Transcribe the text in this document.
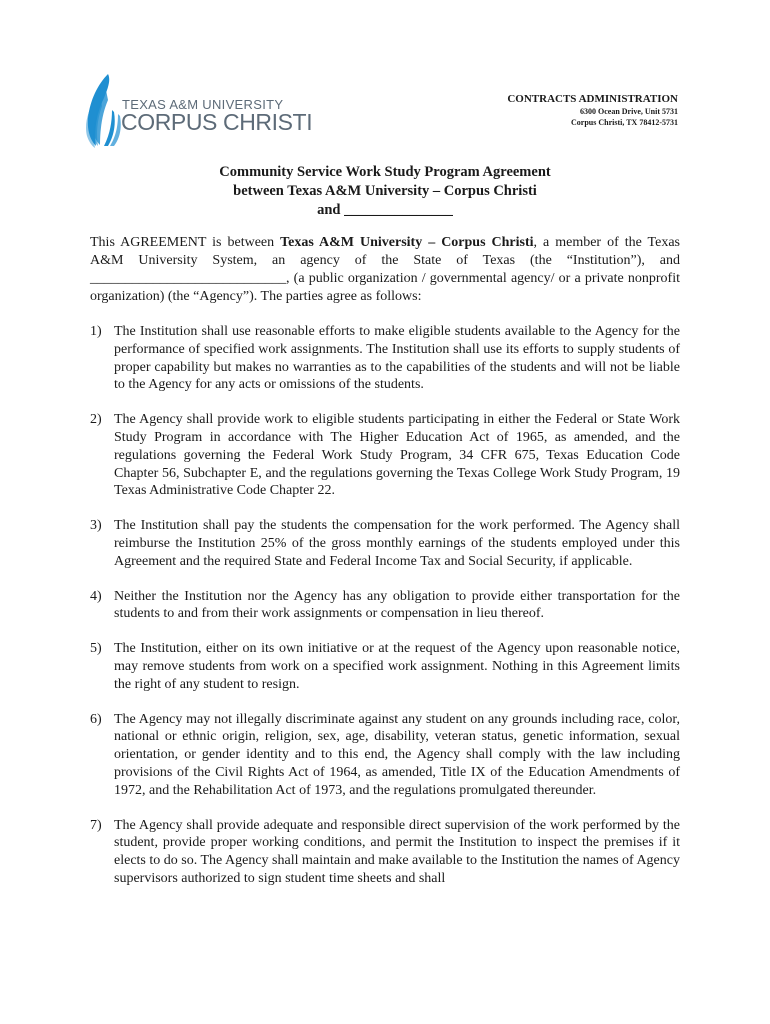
TEXAS A&M UNIVERSITY
CORPUS CHRISTI
CONTRACTS ADMINISTRATION
6300 Ocean Drive, Unit 5731
Corpus Christi, TX 78412-5731
Community Service Work Study Program Agreement
between Texas A&M University – Corpus Christi
and _______________

This AGREEMENT is between Texas A&M University – Corpus Christi, a member of the Texas A&M University System, an agency of the State of Texas (the “Institution”), and ____________________________, (a public organization / governmental agency/ or a private nonprofit organization) (the “Agency”). The parties agree as follows:

1) The Institution shall use reasonable efforts to make eligible students available to the Agency for the performance of specified work assignments. The Institution shall use its efforts to supply students of proper capability but makes no warranties as to the capabilities of the students and will not be liable to the Agency for any acts or omissions of the students.
2) The Agency shall provide work to eligible students participating in either the Federal or State Work Study Program in accordance with The Higher Education Act of 1965, as amended, and the regulations governing the Federal Work Study Program, 34 CFR 675, Texas Education Code Chapter 56, Subchapter E, and the regulations governing the Texas College Work Study Program, 19 Texas Administrative Code Chapter 22.
3) The Institution shall pay the students the compensation for the work performed. The Agency shall reimburse the Institution 25% of the gross monthly earnings of the students employed under this Agreement and the required State and Federal Income Tax and Social Security, if applicable.
4) Neither the Institution nor the Agency has any obligation to provide either transportation for the students to and from their work assignments or compensation in lieu thereof.
5) The Institution, either on its own initiative or at the request of the Agency upon reasonable notice, may remove students from work on a specified work assignment. Nothing in this Agreement limits the right of any student to resign.
6) The Agency may not illegally discriminate against any student on any grounds including race, color, national or ethnic origin, religion, sex, age, disability, veteran status, genetic information, sexual orientation, or gender identity and to this end, the Agency shall comply with the law including provisions of the Civil Rights Act of 1964, as amended, Title IX of the Education Amendments of 1972, and the Rehabilitation Act of 1973, and the regulations promulgated thereunder.
7) The Agency shall provide adequate and responsible direct supervision of the work performed by the student, provide proper working conditions, and permit the Institution to inspect the premises if it elects to do so. The Agency shall maintain and make available to the Institution the names of Agency supervisors authorized to sign student time sheets and shall
